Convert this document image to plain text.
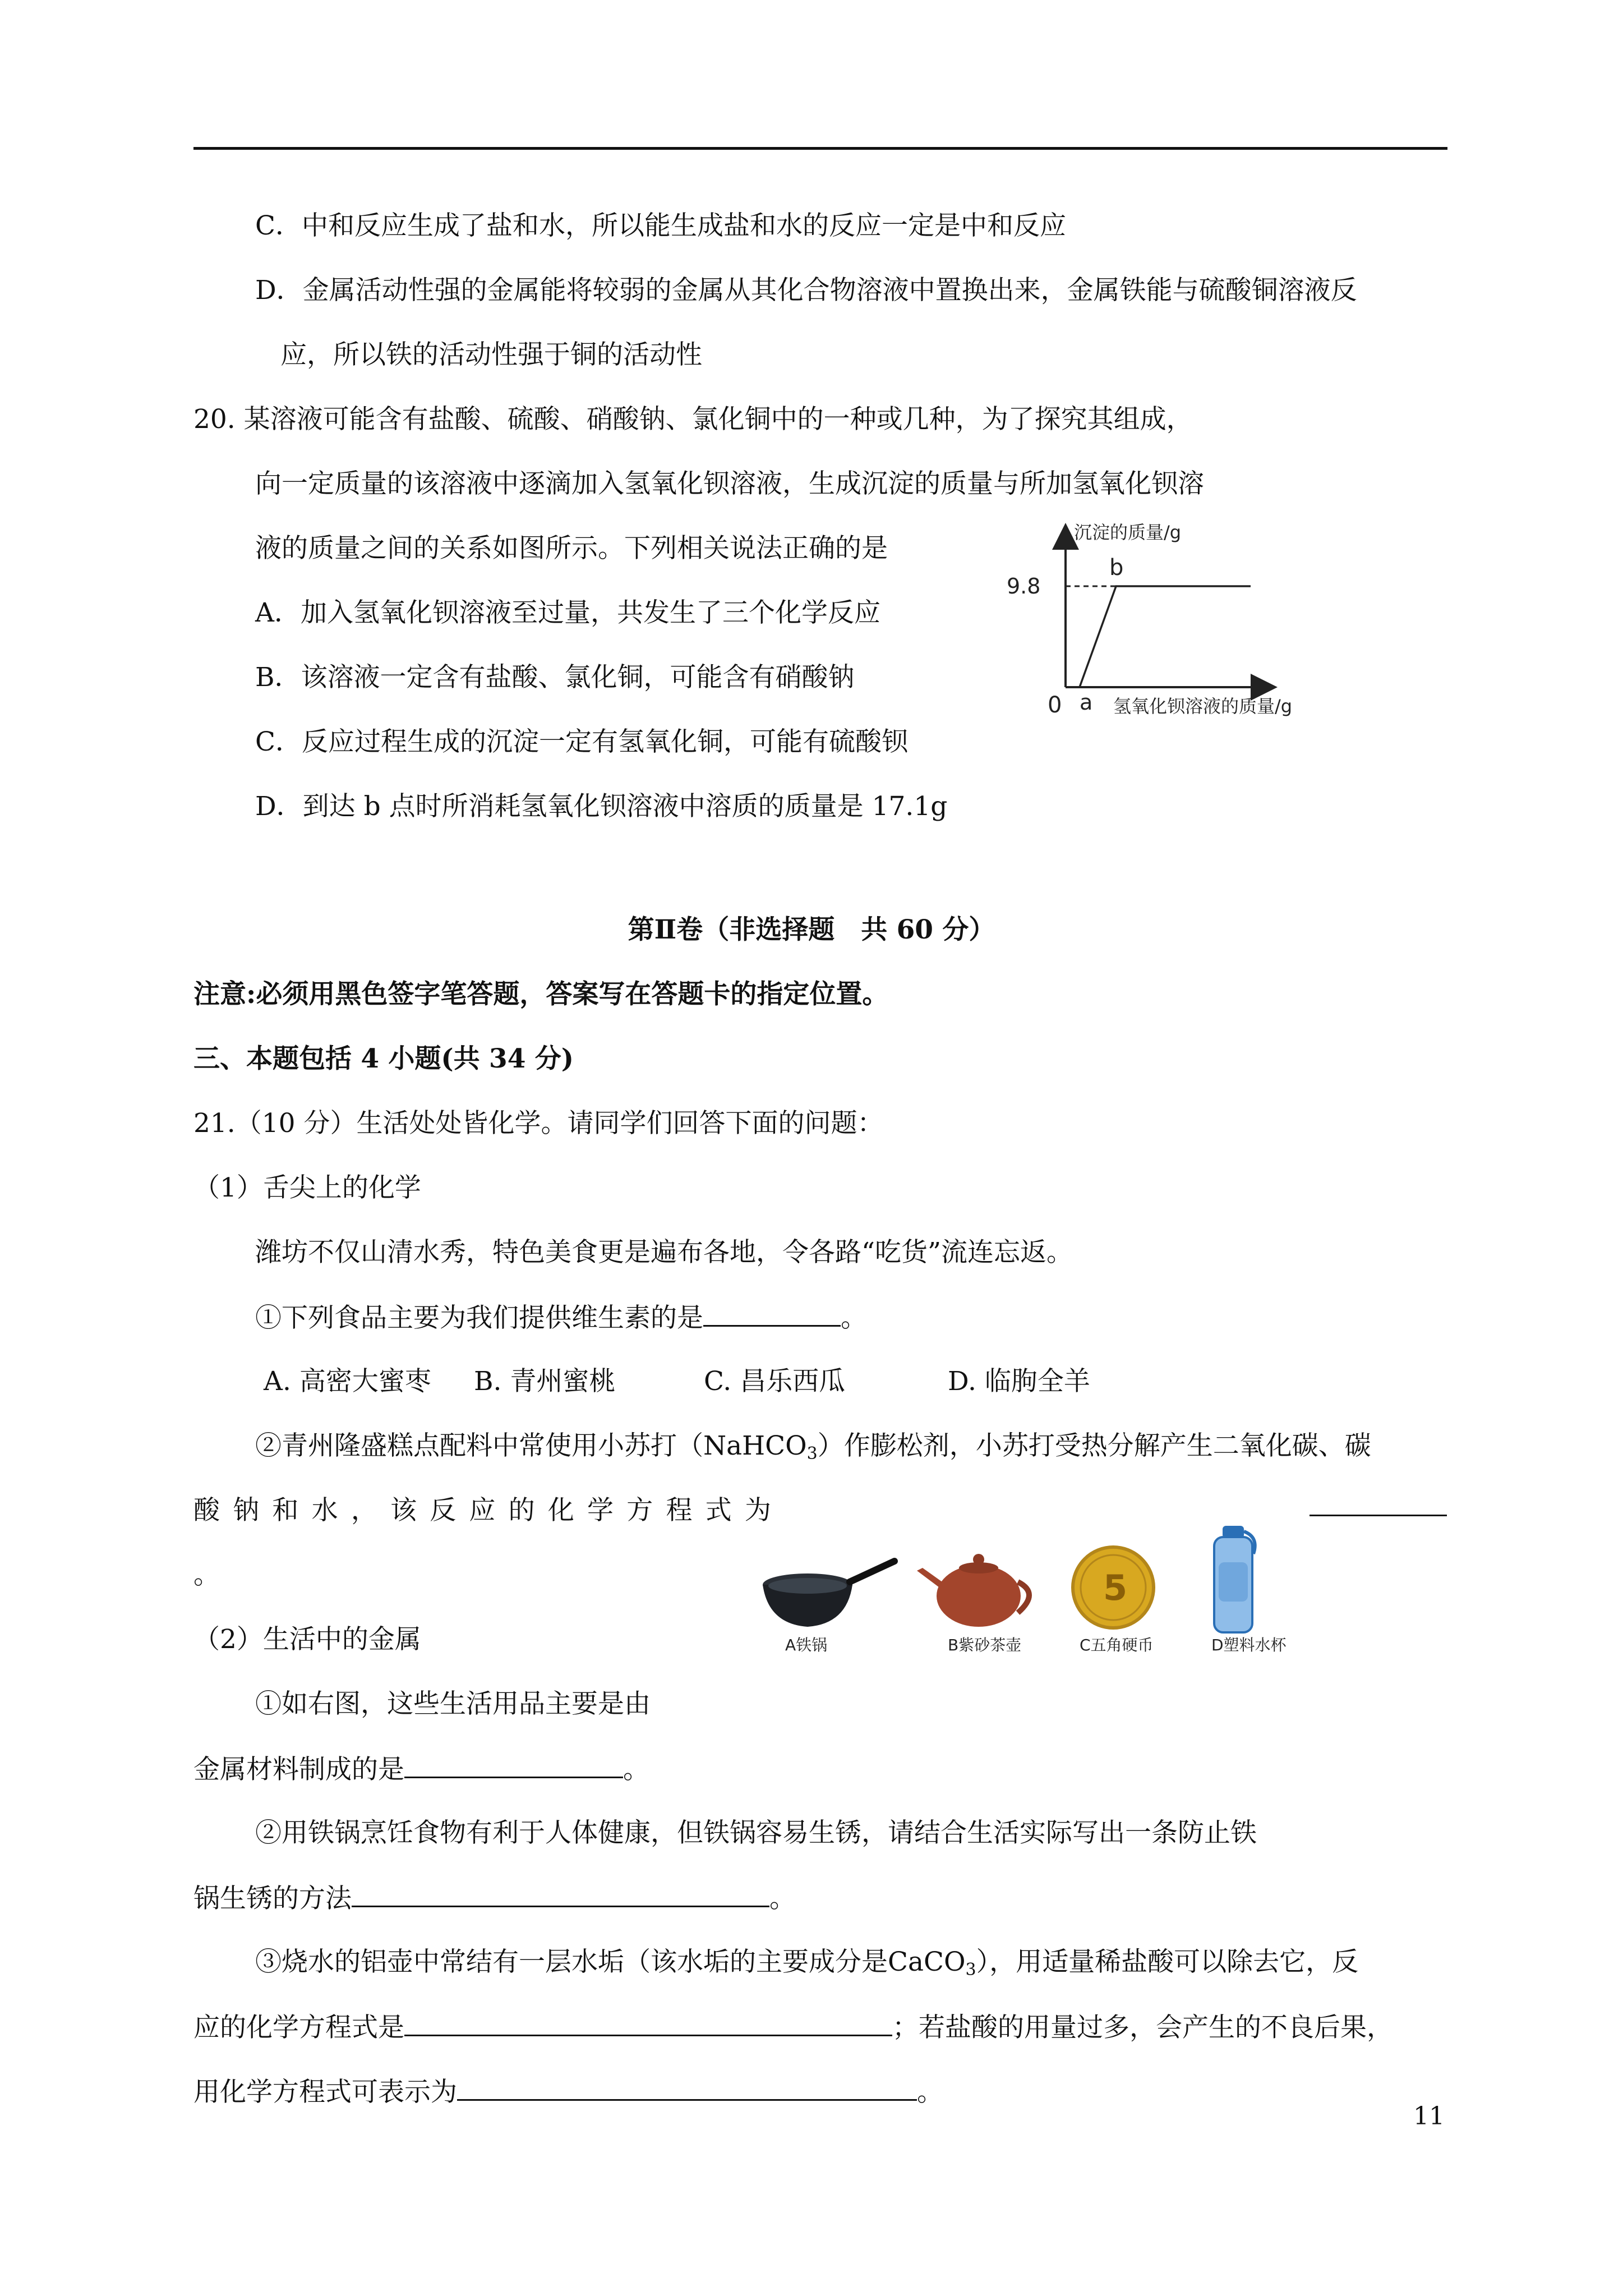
C．中和反应生成了盐和水，所以能生成盐和水的反应一定是中和反应
D．金属活动性强的金属能将较弱的金属从其化合物溶液中置换出来，金属铁能与硫酸铜溶液反
应，所以铁的活动性强于铜的活动性
20. 某溶液可能含有盐酸、硫酸、硝酸钠、氯化铜中的一种或几种，为了探究其组成，
向一定质量的该溶液中逐滴加入氢氧化钡溶液，生成沉淀的质量与所加氢氧化钡溶
液的质量之间的关系如图所示。下列相关说法正确的是
A．加入氢氧化钡溶液至过量，共发生了三个化学反应
B．该溶液一定含有盐酸、氯化铜，可能含有硝酸钠
C．反应过程生成的沉淀一定有氢氧化铜，可能有硫酸钡
D．到达 b 点时所消耗氢氧化钡溶液中溶质的质量是 17.1g
沉淀的质量/g
氢氧化钡溶液的质量/g
0 a
9.8
b
第Ⅱ卷（非选择题　共 60 分）
注意:必须用黑色签字笔答题，答案写在答题卡的指定位置。
三、本题包括 4 小题(共 34 分)
21.（10 分）生活处处皆化学。请同学们回答下面的问题：
（1）舌尖上的化学
潍坊不仅山清水秀，特色美食更是遍布各地，令各路“吃货”流连忘返。
①下列食品主要为我们提供维生素的是	。
A. 高密大蜜枣 B. 青州蜜桃	C. 昌乐西瓜	D. 临朐全羊
②青州隆盛糕点配料中常使用小苏打（NaHCO$_3$）作膨松剂，小苏打受热分解产生二氧化碳、碳
酸 钠 和 水 ， 该 反 应 的 化 学 方 程 式 为
。	5
A铁锅	B紫砂茶壶	C五角硬币	D塑料水杯
（2）生活中的金属
①如右图，这些生活用品主要是由
金属材料制成的是	。
②用铁锅烹饪食物有利于人体健康，但铁锅容易生锈，请结合生活实际写出一条防止铁
锅生锈的方法	。
③烧水的铝壶中常结有一层水垢（该水垢的主要成分是CaCO$_3$），用适量稀盐酸可以除去它，反
应的化学方程式是	；若盐酸的用量过多，会产生的不良后果，
用化学方程式可表示为	。
11
